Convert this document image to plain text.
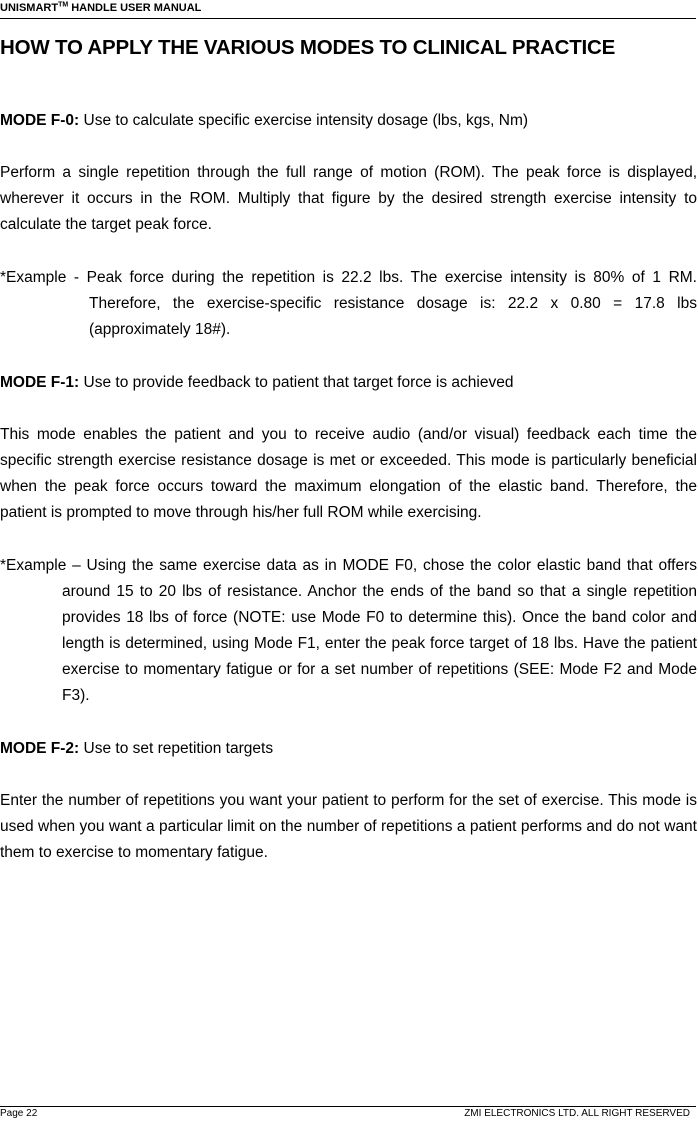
UNISMART™ HANDLE USER MANUAL
HOW TO APPLY THE VARIOUS MODES TO CLINICAL PRACTICE

MODE F-0: Use to calculate specific exercise intensity dosage (lbs, kgs, Nm)

Perform a single repetition through the full range of motion (ROM). The peak force is displayed, wherever it occurs in the ROM. Multiply that figure by the desired strength exercise intensity to calculate the target peak force.

*Example - Peak force during the repetition is 22.2 lbs. The exercise intensity is 80% of 1 RM. Therefore, the exercise-specific resistance dosage is: 22.2 x 0.80 = 17.8 lbs (approximately 18#).

MODE F-1: Use to provide feedback to patient that target force is achieved

This mode enables the patient and you to receive audio (and/or visual) feedback each time the specific strength exercise resistance dosage is met or exceeded. This mode is particularly beneficial when the peak force occurs toward the maximum elongation of the elastic band. Therefore, the patient is prompted to move through his/her full ROM while exercising.

*Example – Using the same exercise data as in MODE F0, chose the color elastic band that offers around 15 to 20 lbs of resistance. Anchor the ends of the band so that a single repetition provides 18 lbs of force (NOTE: use Mode F0 to determine this). Once the band color and length is determined, using Mode F1, enter the peak force target of 18 lbs. Have the patient exercise to momentary fatigue or for a set number of repetitions (SEE: Mode F2 and Mode F3).

MODE F-2: Use to set repetition targets

Enter the number of repetitions you want your patient to perform for the set of exercise. This mode is used when you want a particular limit on the number of repetitions a patient performs and do not want them to exercise to momentary fatigue.

Page 22	ZMI ELECTRONICS LTD. ALL RIGHT RESERVED
